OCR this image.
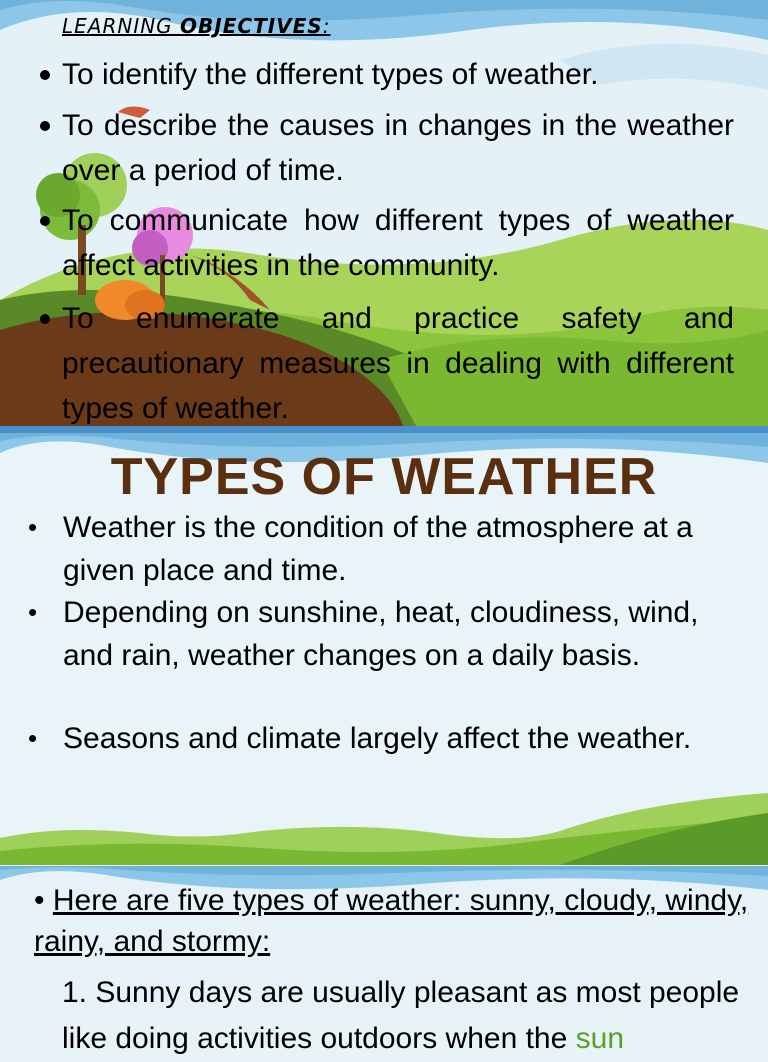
LEARNING OBJECTIVES:
To identify the different types of weather.
To describe the causes in changes in the weather over a period of time.
To communicate how different types of weather affect activities in the community.
To enumerate and practice safety and precautionary measures in dealing with different types of weather.
TYPES OF WEATHER
• Weather is the condition of the atmosphere at a given place and time.
• Depending on sunshine, heat, cloudiness, wind, and rain, weather changes on a daily basis.
• Seasons and climate largely affect the weather.
• Here are five types of weather: sunny, cloudy, windy, rainy, and stormy:
1. Sunny days are usually pleasant as most people like doing activities outdoors when the sun
